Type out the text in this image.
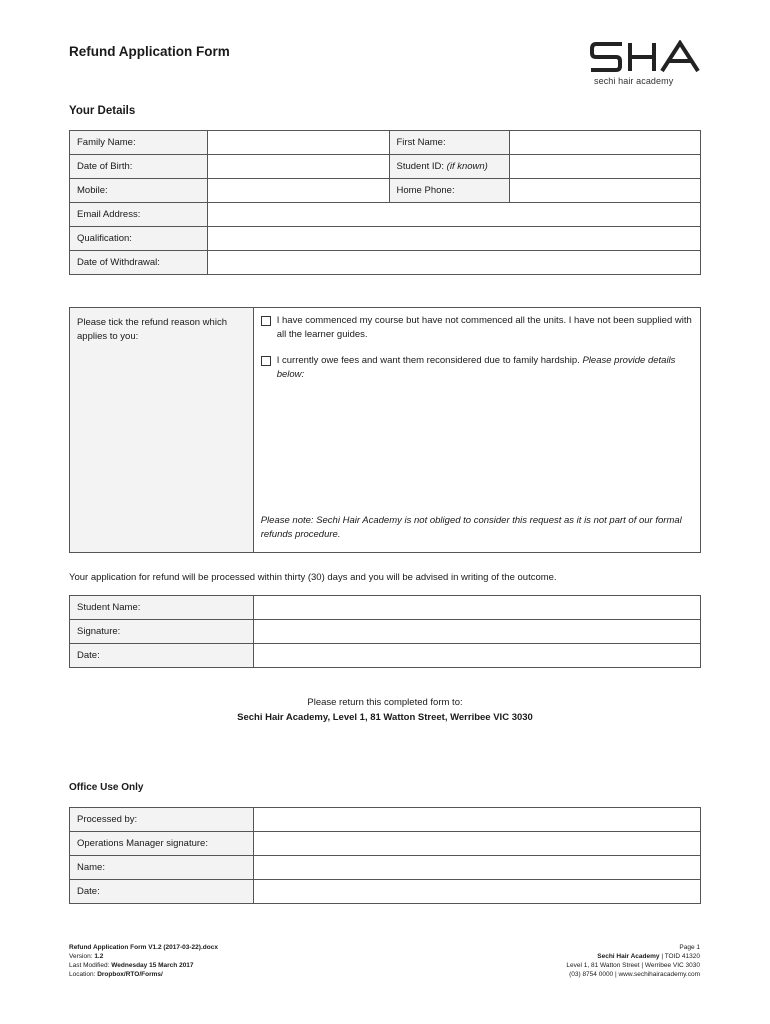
Refund Application Form
sechi hair academy
Your Details
Family Name:		First Name:	
Date of Birth:		Student ID: (if known)	
Mobile:		Home Phone:	
Email Address:			
Qualification:			
Date of Withdrawal:			
Please tick the refund reason which applies to you:	
I have commenced my course but have not commenced all the units. I have not been supplied with all the learner guides.
I currently owe fees and want them reconsidered due to family hardship. Please provide details below:
Please note: Sechi Hair Academy is not obliged to consider this request as it is not part of our formal refunds procedure.
Your application for refund will be processed within thirty (30) days and you will be advised in writing of the outcome.
Student Name:	
Signature:	
Date:	
Please return this completed form to:
Sechi Hair Academy, Level 1, 81 Watton Street, Werribee VIC 3030
Office Use Only
Processed by:	
Operations Manager signature:	
Name:	
Date:	
Refund Application Form V1.2 (2017-03-22).docx
Version: 1.2
Last Modified: Wednesday 15 March 2017
Location: Dropbox/RTO/Forms/
Page 1
Sechi Hair Academy | TOID 41320
Level 1, 81 Watton Street | Werribee VIC 3030
(03) 8754 0000 | www.sechihairacademy.com
